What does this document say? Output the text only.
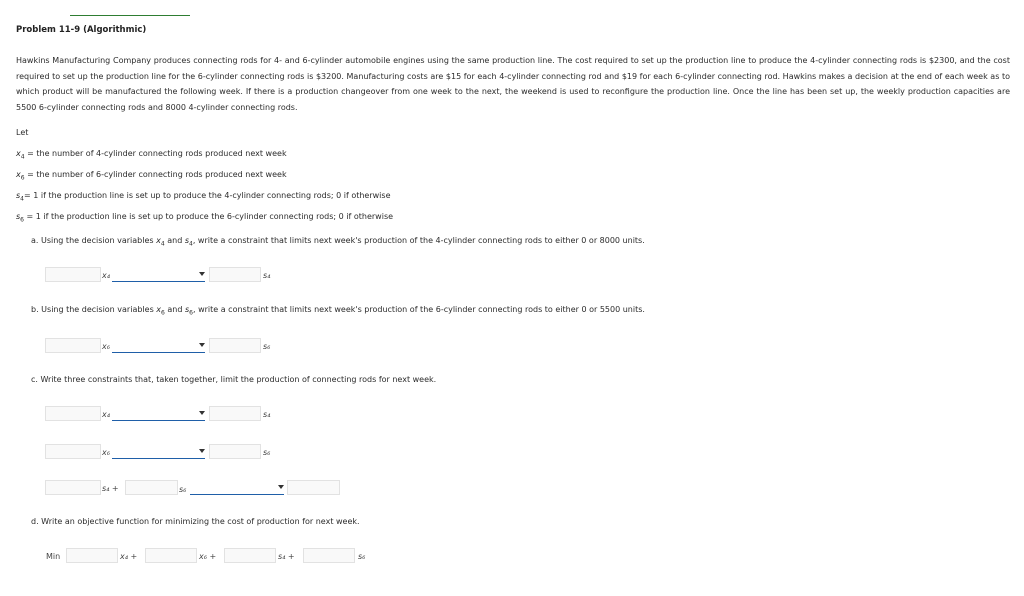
Problem 11-9 (Algorithmic)

Hawkins Manufacturing Company produces connecting rods for 4- and 6-cylinder automobile engines using the same production line. The cost required to set up the production line to produce the 4-cylinder connecting rods is $2300, and the cost required to set up the production line for the 6-cylinder connecting rods is $3200. Manufacturing costs are $15 for each 4-cylinder connecting rod and $19 for each 6-cylinder connecting rod. Hawkins makes a decision at the end of each week as to which product will be manufactured the following week. If there is a production changeover from one week to the next, the weekend is used to reconfigure the production line. Once the line has been set up, the weekly production capacities are 5500 6-cylinder connecting rods and 8000 4-cylinder connecting rods.

Let
$x_4$ = the number of 4-cylinder connecting rods produced next week
$x_6$ = the number of 6-cylinder connecting rods produced next week
$s_4= 1$ if the production line is set up to produce the 4-cylinder connecting rods; 0 if otherwise
$s_6 = 1$ if the production line is set up to produce the 6-cylinder connecting rods; 0 if otherwise
a. Using the decision variables $x_4$ and $s_4$, write a constraint that limits next week's production of the 4-cylinder connecting rods to either 0 or 8000 units.
x₄	s₄
b. Using the decision variables $x_6$ and $s_6$, write a constraint that limits next week's production of the 6-cylinder connecting rods to either 0 or 5500 units.
x₆	s₆
c. Write three constraints that, taken together, limit the production of connecting rods for next week.
x₄	s₄
x₆	s₆
s₄ +	s₆
d. Write an objective function for minimizing the cost of production for next week.
Min	x₄ +	x₆ +	s₄ +	s₆
